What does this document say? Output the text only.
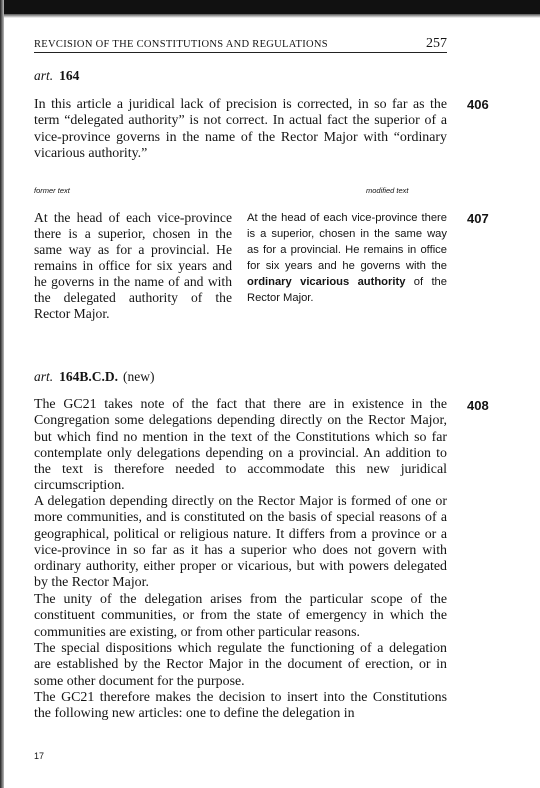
REVCISION OF THE CONSTITUTIONS AND REGULATIONS	257
art. 164

In this article a juridical lack of precision is corrected, in so far as the term “delegated authority” is not correct. In actual fact the superior of a vice-province governs in the name of the Rector Major with “ordinary vicarious authority.”

406
former text	modified text

At the head of each vice-province there is a superior, chosen in the same way as for a provincial. He remains in office for six years and he governs in the name of and with the delegated authority of the Rector Major.

At the head of each vice-province there is a superior, chosen in the same way as for a provincial. He remains in office for six years and he governs with the ordinary vicarious authority of the Rector Major.

407
art. 164B.C.D. (new)
408

The GC21 takes note of the fact that there are in existence in the Congregation some delegations depending directly on the Rector Major, but which find no mention in the text of the Constitutions which so far contemplate only delegations depending on a provincial. An addition to the text is therefore needed to accommodate this new juridical circumscription.

A delegation depending directly on the Rector Major is formed of one or more communities, and is constituted on the basis of special reasons of a geographical, political or religious nature. It differs from a province or a vice-province in so far as it has a superior who does not govern with ordinary authority, either proper or vicarious, but with powers delegated by the Rector Major.

The unity of the delegation arises from the particular scope of the constituent communities, or from the state of emergency in which the communities are existing, or from other particular reasons.

The special dispositions which regulate the functioning of a delegation are established by the Rector Major in the document of erection, or in some other document for the purpose.

The GC21 therefore makes the decision to insert into the Constitutions the following new articles: one to define the delegation in

17
